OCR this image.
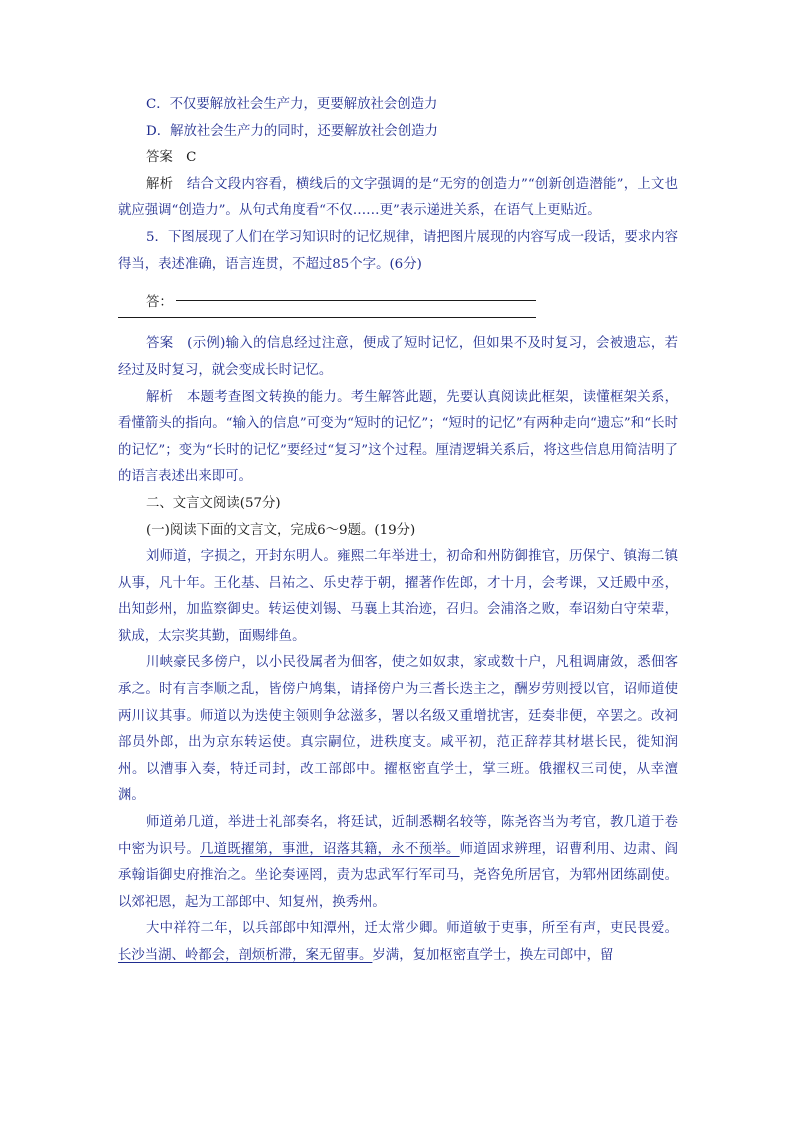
C．不仅要解放社会生产力，更要解放社会创造力

D．解放社会生产力的同时，还要解放社会创造力

答案　C

解析　结合文段内容看，横线后的文字强调的是“无穷的创造力”“创新创造潜能”，上文也就应强调“创造力”。从句式角度看“不仅……更”表示递进关系，在语气上更贴近。

5．下图展现了人们在学习知识时的记忆规律，请把图片展现的内容写成一段话，要求内容得当，表述准确，语言连贯，不超过85个字。(6分)

答：

答案　(示例)输入的信息经过注意，便成了短时记忆，但如果不及时复习，会被遗忘，若经过及时复习，就会变成长时记忆。

解析　本题考查图文转换的能力。考生解答此题，先要认真阅读此框架，读懂框架关系，看懂箭头的指向。“输入的信息”可变为“短时的记忆”；“短时的记忆”有两种走向“遗忘”和“长时的记忆”；变为“长时的记忆”要经过“复习”这个过程。厘清逻辑关系后，将这些信息用简洁明了的语言表述出来即可。

二、文言文阅读(57分)

(一)阅读下面的文言文，完成6～9题。(19分)

刘师道，字损之，开封东明人。雍熙二年举进士，初命和州防御推官，历保宁、镇海二镇从事，凡十年。王化基、吕祐之、乐史荐于朝，擢著作佐郎，才十月，会考课，又迁殿中丞，出知彭州，加监察御史。转运使刘锡、马襄上其治迹，召归。会浦洛之败，奉诏劾白守荣辈，狱成，太宗奖其勤，面赐绯鱼。

川峡豪民多傍户，以小民役属者为佃客，使之如奴隶，家或数十户，凡租调庸敛，悉佃客承之。时有言李顺之乱，皆傍户鸠集，请择傍户为三耆长迭主之，酬岁劳则授以官，诏师道使两川议其事。师道以为迭使主领则争忿滋多，署以名级又重增扰害，廷奏非便，卒罢之。改祠部员外郎，出为京东转运使。真宗嗣位，进秩度支。咸平初，范正辞荐其材堪长民，徙知润州。以漕事入奏，特迁司封，改工部郎中。擢枢密直学士，掌三班。俄擢权三司使，从幸澶渊。

师道弟几道，举进士礼部奏名，将廷试，近制悉糊名较等，陈尧咨当为考官，教几道于卷中密为识号。几道既擢第，事泄，诏落其籍，永不预举。师道固求辨理，诏曹利用、边肃、阎承翰诣御史府推治之。坐论奏诬罔，责为忠武军行军司马，尧咨免所居官，为郓州团练副使。以郊祀恩，起为工部郎中、知复州，换秀州。

大中祥符二年，以兵部郎中知潭州，迁太常少卿。师道敏于吏事，所至有声，吏民畏爱。长沙当湖、岭都会，剖烦析滞，案无留事。岁满，复加枢密直学士，换左司郎中，留
